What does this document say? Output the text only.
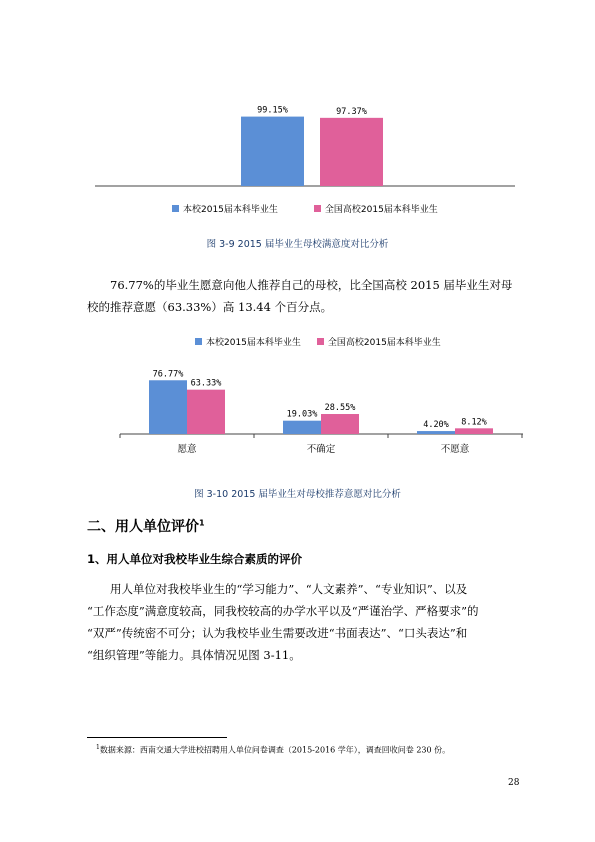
99.15%	97.37%
本校2015届本科毕业生	全国高校2015届本科毕业生
图 3-9 2015 届毕业生母校满意度对比分析
76.77%的毕业生愿意向他人推荐自己的母校，比全国高校 2015 届毕业生对母
校的推荐意愿（63.33%）高 13.44 个百分点。
本校2015届本科毕业生	全国高校2015届本科毕业生
76.77%
63.33%
愿意
19.03%
28.55%
不确定
4.20% 8.12%
不愿意
图 3-10 2015 届毕业生对母校推荐意愿对比分析
二、用人单位评价$^1$
1、用人单位对我校毕业生综合素质的评价
用人单位对我校毕业生的“学习能力”、“人文素养”、“专业知识”、以及
“工作态度”满意度较高，同我校较高的办学水平以及“严谨治学、严格要求”的
“双严”传统密不可分；认为我校毕业生需要改进“书面表达”、“口头表达”和
“组织管理”等能力。具体情况见图 3-11。
$^1$数据来源：西南交通大学进校招聘用人单位问卷调查（2015-2016 学年），调查回收问卷 230 份。
28
